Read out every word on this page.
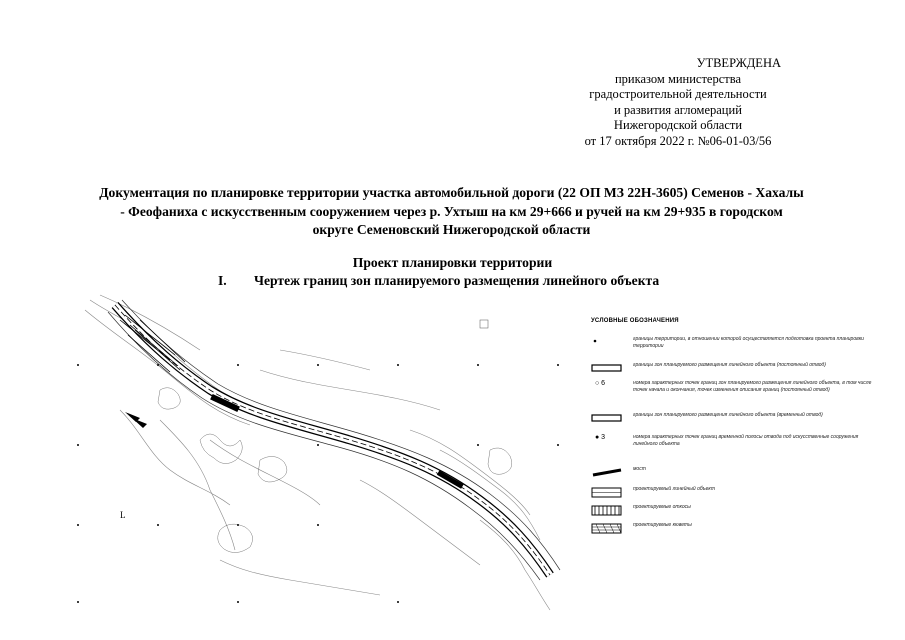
УТВЕРЖДЕНА
приказом министерства
градостроительной деятельности
и развития агломераций
Нижегородской области
от 17 октября 2022 г. №06-01-03/56
Документация по планировке территории участка автомобильной дороги (22 ОП МЗ 22Н-3605) Семенов - Хахалы
- Феофаниха с искусственным сооружением через р. Ухтыш на км 29+666 и ручей на км 29+935 в городском
округе Семеновский Нижегородской области
Проект планировки территории
I. Чертеж границ зон планируемого размещения линейного объекта
L
УСЛОВНЫЕ ОБОЗНАЧЕНИЯ
границы территории, в отношении которой осуществляется подготовка проекта планировки территории
границы зон планируемого размещения линейного объекта (постоянный отвод)
○ 6	номера характерных точек границ зон планируемого размещения линейного объекта, в том числе точек начала и окончания, точек изменения описания границ (постоянный отвод)
границы зон планируемого размещения линейного объекта (временный отвод)
● 3	номера характерных точек границ временной полосы отвода под искусственные сооружения линейного объекта
мост
проектируемый линейный объект
проектируемые откосы
проектируемые кюветы
